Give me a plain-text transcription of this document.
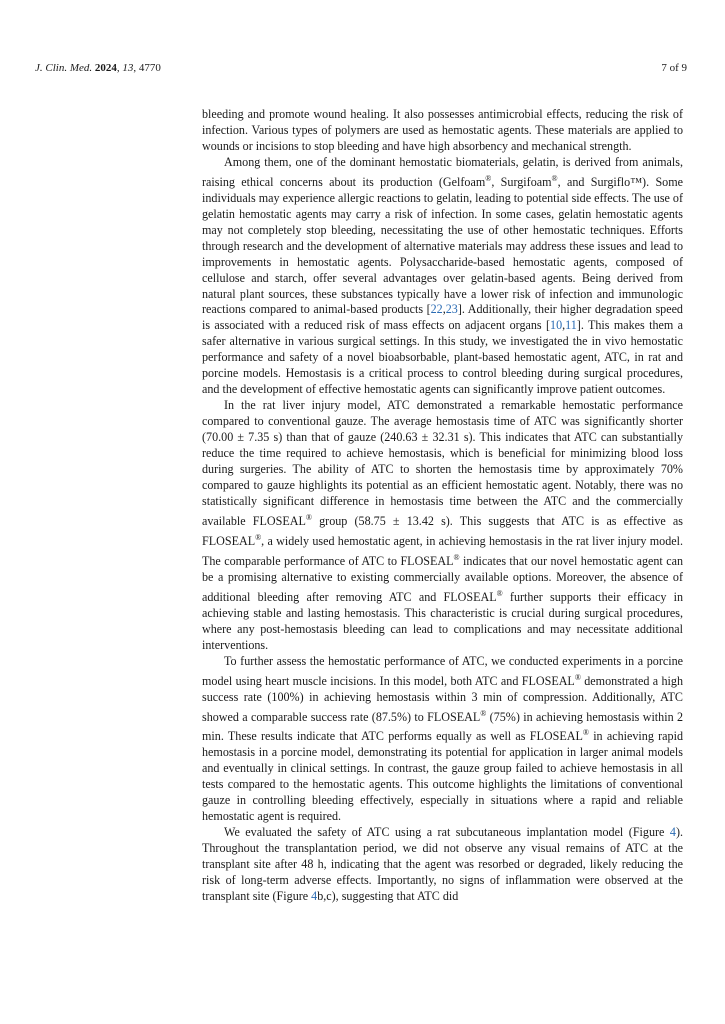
J. Clin. Med. 2024, 13, 4770	7 of 9

bleeding and promote wound healing. It also possesses antimicrobial effects, reducing the risk of infection. Various types of polymers are used as hemostatic agents. These materials are applied to wounds or incisions to stop bleeding and have high absorbency and mechanical strength.

Among them, one of the dominant hemostatic biomaterials, gelatin, is derived from animals, raising ethical concerns about its production (Gelfoam®, Surgifoam®, and Surgiflo™). Some individuals may experience allergic reactions to gelatin, leading to potential side effects. The use of gelatin hemostatic agents may carry a risk of infection. In some cases, gelatin hemostatic agents may not completely stop bleeding, necessitating the use of other hemostatic techniques. Efforts through research and the development of alternative materials may address these issues and lead to improvements in hemostatic agents. Polysaccharide-based hemostatic agents, composed of cellulose and starch, offer several advantages over gelatin-based agents. Being derived from natural plant sources, these substances typically have a lower risk of infection and immunologic reactions compared to animal-based products [22,23]. Additionally, their higher degradation speed is associated with a reduced risk of mass effects on adjacent organs [10,11]. This makes them a safer alternative in various surgical settings. In this study, we investigated the in vivo hemostatic performance and safety of a novel bioabsorbable, plant-based hemostatic agent, ATC, in rat and porcine models. Hemostasis is a critical process to control bleeding during surgical procedures, and the development of effective hemostatic agents can significantly improve patient outcomes.

In the rat liver injury model, ATC demonstrated a remarkable hemostatic performance compared to conventional gauze. The average hemostasis time of ATC was significantly shorter (70.00 ± 7.35 s) than that of gauze (240.63 ± 32.31 s). This indicates that ATC can substantially reduce the time required to achieve hemostasis, which is beneficial for minimizing blood loss during surgeries. The ability of ATC to shorten the hemostasis time by approximately 70% compared to gauze highlights its potential as an efficient hemostatic agent. Notably, there was no statistically significant difference in hemostasis time between the ATC and the commercially available FLOSEAL® group (58.75 ± 13.42 s). This suggests that ATC is as effective as FLOSEAL®, a widely used hemostatic agent, in achieving hemostasis in the rat liver injury model. The comparable performance of ATC to FLOSEAL® indicates that our novel hemostatic agent can be a promising alternative to existing commercially available options. Moreover, the absence of additional bleeding after removing ATC and FLOSEAL® further supports their efficacy in achieving stable and lasting hemostasis. This characteristic is crucial during surgical procedures, where any post-hemostasis bleeding can lead to complications and may necessitate additional interventions.

To further assess the hemostatic performance of ATC, we conducted experiments in a porcine model using heart muscle incisions. In this model, both ATC and FLOSEAL® demonstrated a high success rate (100%) in achieving hemostasis within 3 min of compression. Additionally, ATC showed a comparable success rate (87.5%) to FLOSEAL® (75%) in achieving hemostasis within 2 min. These results indicate that ATC performs equally as well as FLOSEAL® in achieving rapid hemostasis in a porcine model, demonstrating its potential for application in larger animal models and eventually in clinical settings. In contrast, the gauze group failed to achieve hemostasis in all tests compared to the hemostatic agents. This outcome highlights the limitations of conventional gauze in controlling bleeding effectively, especially in situations where a rapid and reliable hemostatic agent is required.

We evaluated the safety of ATC using a rat subcutaneous implantation model (Figure 4). Throughout the transplantation period, we did not observe any visual remains of ATC at the transplant site after 48 h, indicating that the agent was resorbed or degraded, likely reducing the risk of long-term adverse effects. Importantly, no signs of inflammation were observed at the transplant site (Figure 4b,c), suggesting that ATC did
